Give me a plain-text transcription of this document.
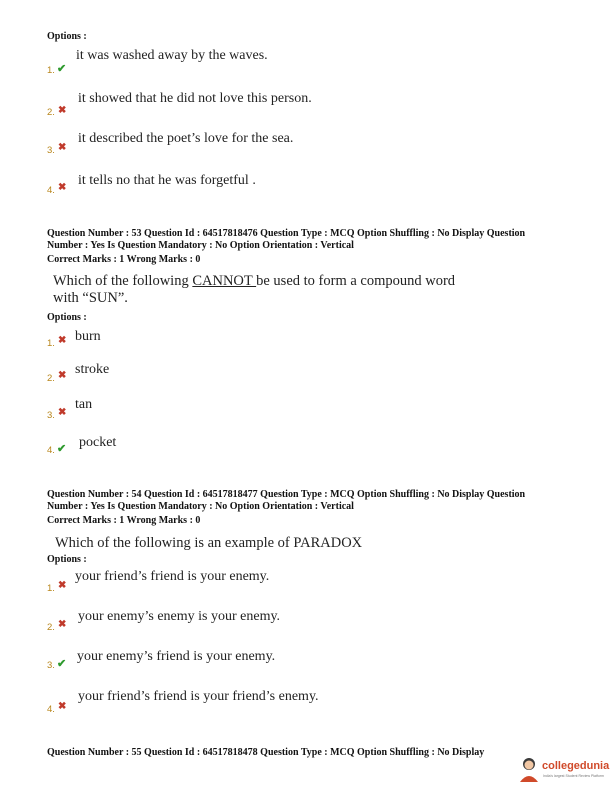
Options :
1. ✔
it was washed away by the waves.
2. ✖
it showed that he did not love this person.
3. ✖
it described the poet’s love for the sea.
4. ✖ it tells no that he was forgetful .
Question Number : 53 Question Id : 64517818476 Question Type : MCQ Option Shuffling : No Display Question
Number : Yes Is Question Mandatory : No Option Orientation : Vertical
Correct Marks : 1 Wrong Marks : 0
Which of the following CANNOT be used to form a compound word
with “SUN”.
Options :
1. ✖ burn
2. ✖ stroke
3. ✖
tan
4. ✔ pocket
Question Number : 54 Question Id : 64517818477 Question Type : MCQ Option Shuffling : No Display Question
Number : Yes Is Question Mandatory : No Option Orientation : Vertical
Correct Marks : 1 Wrong Marks : 0
Which of the following is an example of PARADOX
Options :
1. ✖
your friend’s friend is your enemy.
2. ✖
your enemy’s enemy is your enemy.
3. ✔ your enemy’s friend is your enemy.
4. ✖
your friend’s friend is your friend’s enemy.
Question Number : 55 Question Id : 64517818478 Question Type : MCQ Option Shuffling : No Display
collegedunia
India's largest Student Review Platform
